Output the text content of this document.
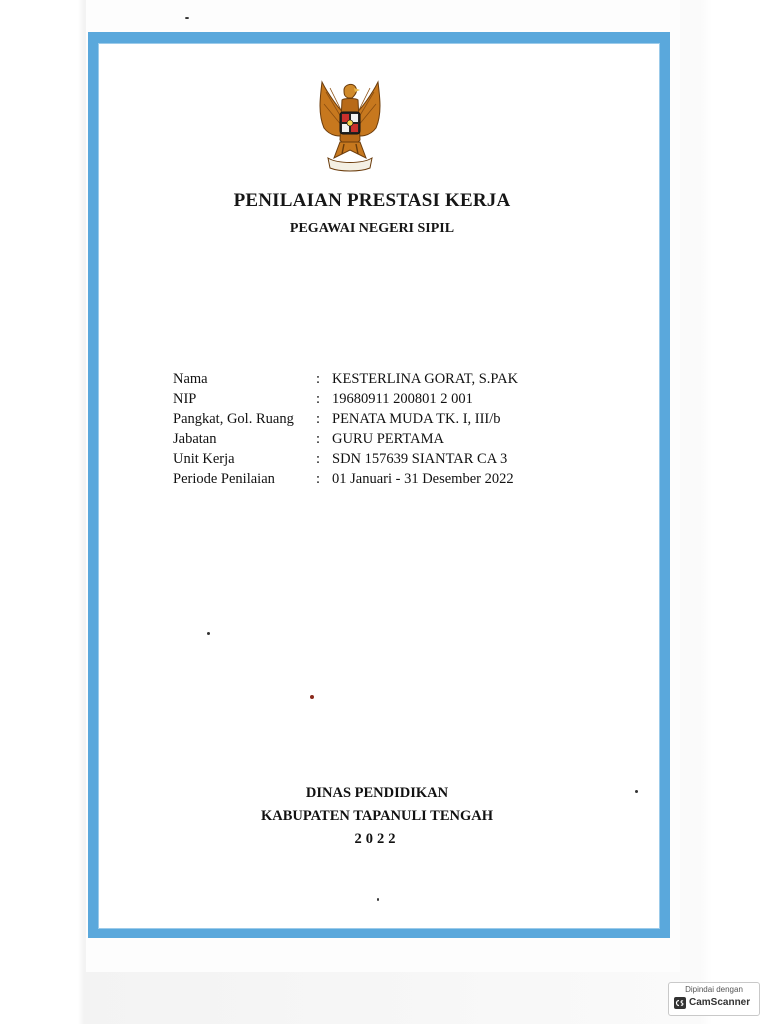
PENILAIAN PRESTASI KERJA
PEGAWAI NEGERI SIPIL
Nama	: KESTERLINA GORAT, S.PAK
NIP	: 19680911 200801 2 001
Pangkat, Gol. Ruang : PENATA MUDA TK. I, III/b
Jabatan	: GURU PERTAMA
Unit Kerja	: SDN 157639 SIANTAR CA 3
Periode Penilaian	: 01 Januari - 31 Desember 2022
DINAS PENDIDIKAN
KABUPATEN TAPANULI TENGAH
2022
Dipindai dengan
CamScanner
